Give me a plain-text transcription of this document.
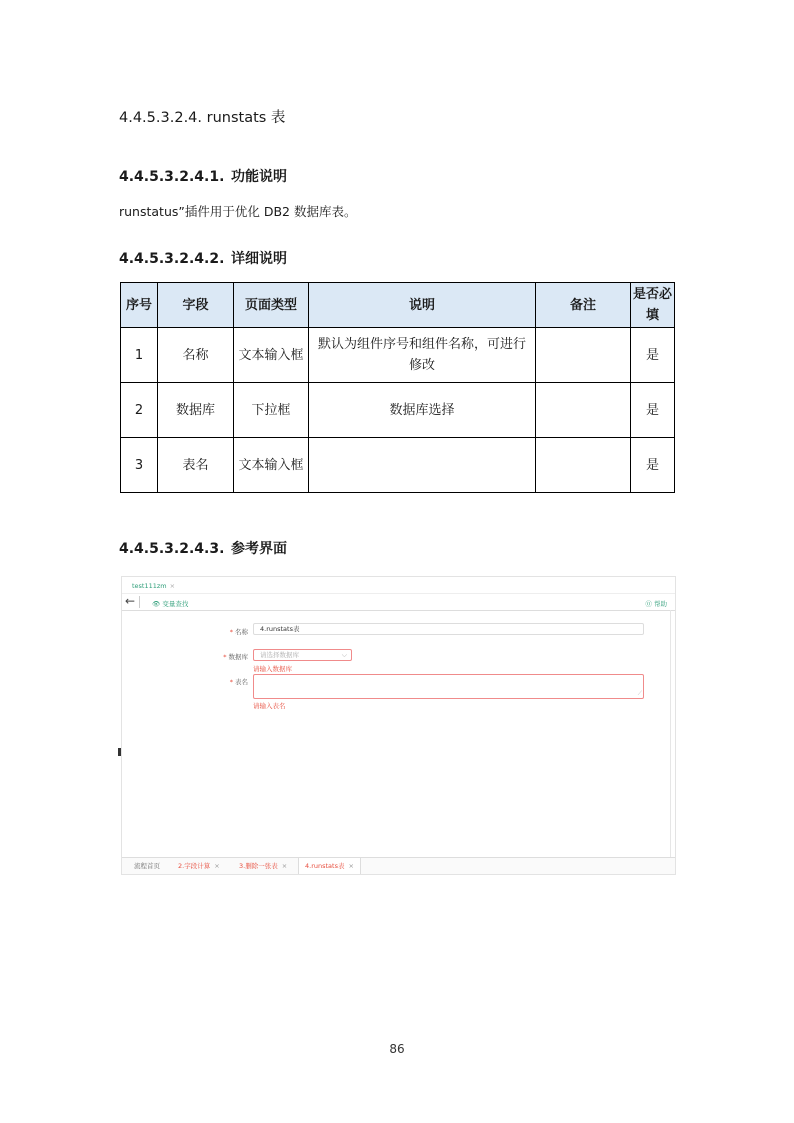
4.4.5.3.2.4. runstats 表
4.4.5.3.2.4.1. 功能说明
runstatus”插件用于优化 DB2 数据库表。
4.4.5.3.2.4.2. 详细说明
序号	字段	页面类型	说明	备注	是否必填
1	名称	文本输入框	默认为组件序号和组件名称，可进行修改		是
2	数据库	下拉框	数据库选择		是
3	表名	文本输入框			是
4.4.5.3.2.4.3. 参考界面
test111zm ×
←	👁 变量查找	⓪ 帮助
* 名称	4.runstats表
* 数据库	请选择数据库	⌵
请输入数据库
* 表名
⟋
请输入表名
流程首页	2.字段计算 ×	3.删除一张表 ×	4.runstats表 ×
86
